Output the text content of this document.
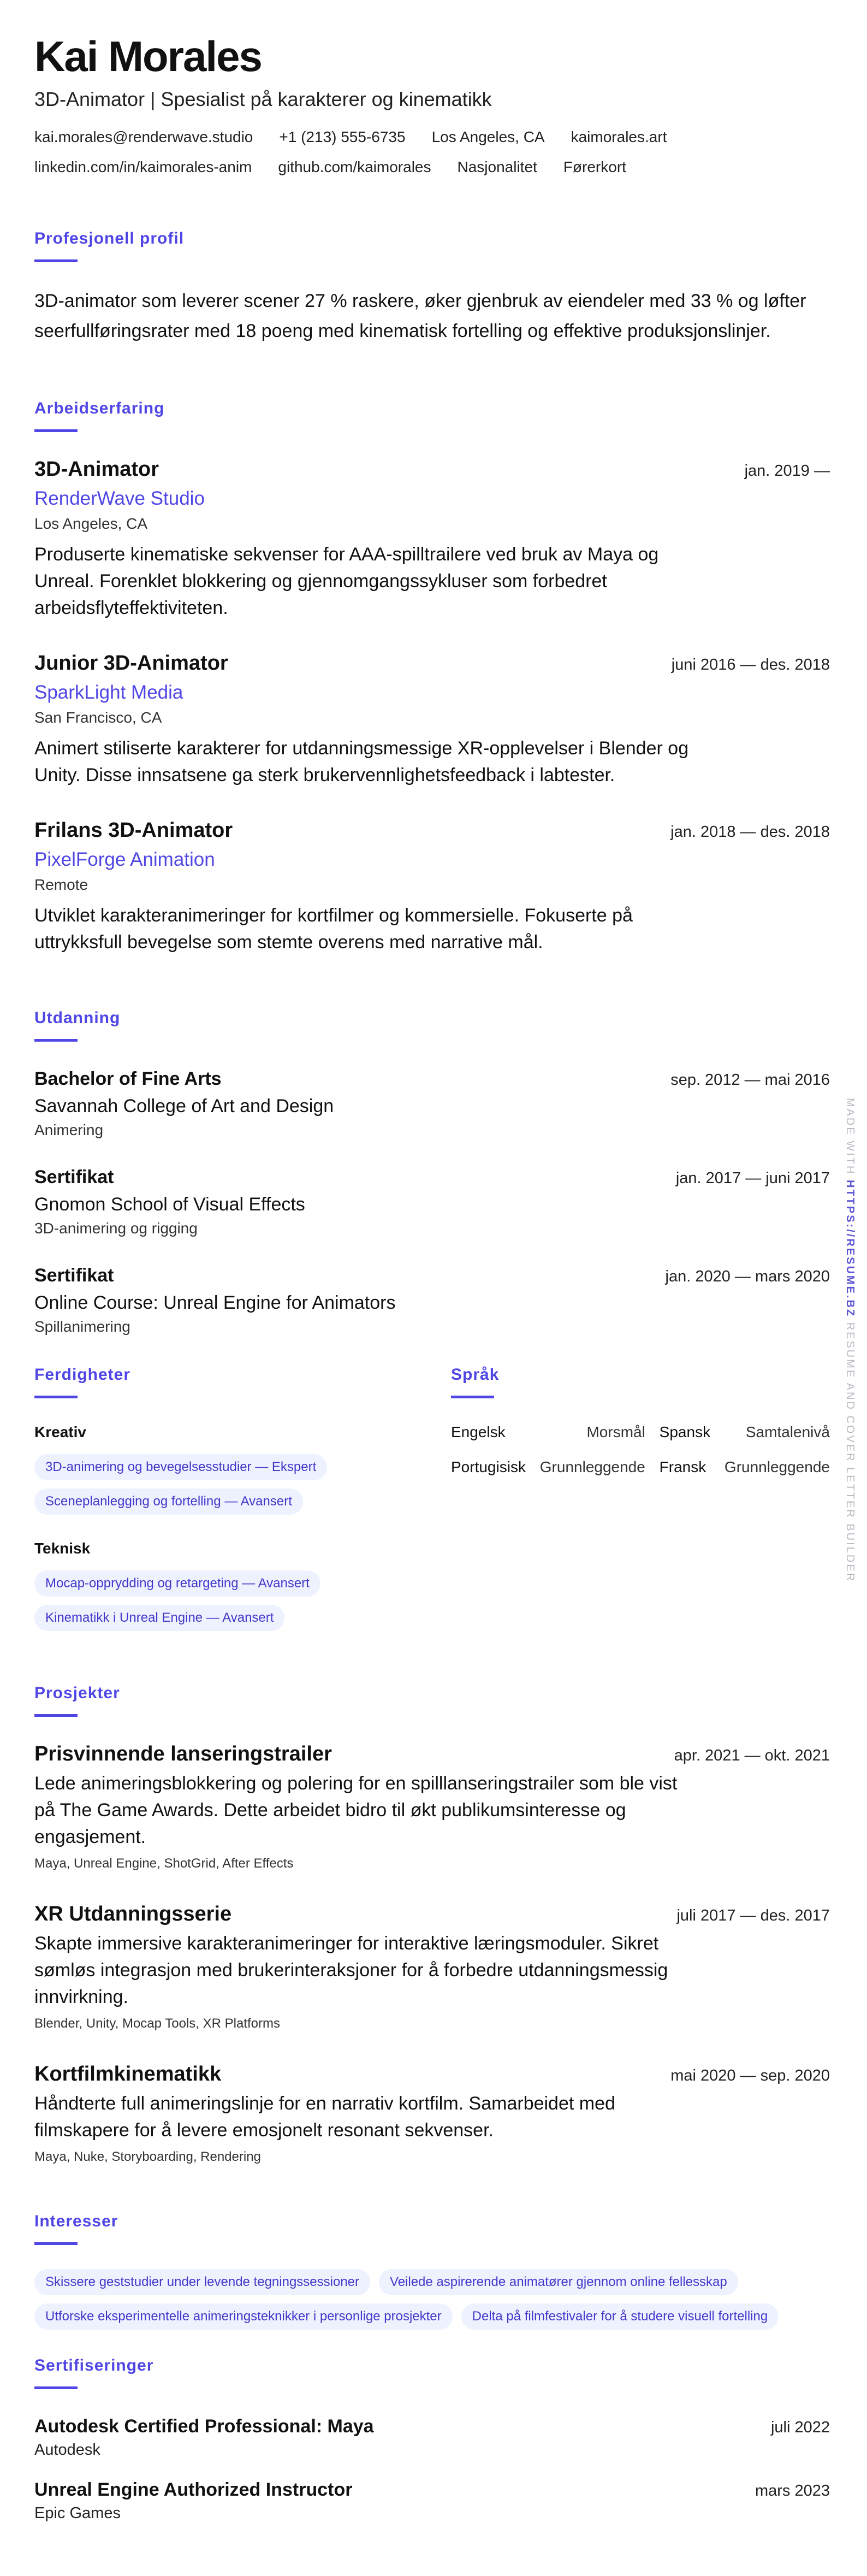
Kai Morales
3D-Animator | Spesialist på karakterer og kinematikk
kai.morales@renderwave.studio +1 (213) 555-6735 Los Angeles, CA kaimorales.art
linkedin.com/in/kaimorales-anim github.com/kaimorales Nasjonalitet Førerkort
Profesjonell profil

3D-animator som leverer scener 27 % raskere, øker gjenbruk av eiendeler med 33 % og løfter seerfullføringsrater med 18 poeng med kinematisk fortelling og effektive produksjonslinjer.

Arbeidserfaring
3D-Animator	jan. 2019 —
RenderWave Studio
Los Angeles, CA

Produserte kinematiske sekvenser for AAA-spilltrailere ved bruk av Maya og Unreal. Forenklet blokkering og gjennomgangssykluser som forbedret arbeidsflyteffektiviteten.

Junior 3D-Animator	juni 2016 — des. 2018
SparkLight Media
San Francisco, CA

Animert stiliserte karakterer for utdanningsmessige XR-opplevelser i Blender og Unity. Disse innsatsene ga sterk brukervennlighetsfeedback i labtester.

Frilans 3D-Animator	jan. 2018 — des. 2018
PixelForge Animation
Remote

Utviklet karakteranimeringer for kortfilmer og kommersielle. Fokuserte på uttrykksfull bevegelse som stemte overens med narrative mål.

Utdanning
Bachelor of Fine Arts	sep. 2012 — mai 2016
Savannah College of Art and Design
Animering
Sertifikat	jan. 2017 — juni 2017
Gnomon School of Visual Effects
3D-animering og rigging
Sertifikat	jan. 2020 — mars 2020
Online Course: Unreal Engine for Animators
Spillanimering
Ferdigheter
Kreativ
3D-animering og bevegelsesstudier — Ekspert
Sceneplanlegging og fortelling — Avansert
Teknisk
Mocap-opprydding og retargeting — Avansert
Kinematikk i Unreal Engine — Avansert
Språk
Engelsk	Morsmål Spansk	Samtalenivå
Portugisisk Grunnleggende Fransk Grunnleggende
Prosjekter
Prisvinnende lanseringstrailer	apr. 2021 — okt. 2021

Lede animeringsblokkering og polering for en spilllanseringstrailer som ble vist på The Game Awards. Dette arbeidet bidro til økt publikumsinteresse og engasjement.

Maya, Unreal Engine, ShotGrid, After Effects
XR Utdanningsserie	juli 2017 — des. 2017

Skapte immersive karakteranimeringer for interaktive læringsmoduler. Sikret sømløs integrasjon med brukerinteraksjoner for å forbedre utdanningsmessig innvirkning.

Blender, Unity, Mocap Tools, XR Platforms
Kortfilmkinematikk	mai 2020 — sep. 2020

Håndterte full animeringslinje for en narrativ kortfilm. Samarbeidet med filmskapere for å levere emosjonelt resonant sekvenser.

Maya, Nuke, Storyboarding, Rendering
Interesser
Skissere geststudier under levende tegningssessioner	Veilede aspirerende animatører gjennom online fellesskap
Utforske eksperimentelle animeringsteknikker i personlige prosjekter	Delta på filmfestivaler for å studere visuell fortelling
Sertifiseringer
Autodesk Certified Professional: Maya	juli 2022
Autodesk
Unreal Engine Authorized Instructor	mars 2023
Epic Games
MADE WITH HTTPS://RESUME.BZ RESUME AND COVER LETTER BUILDER
